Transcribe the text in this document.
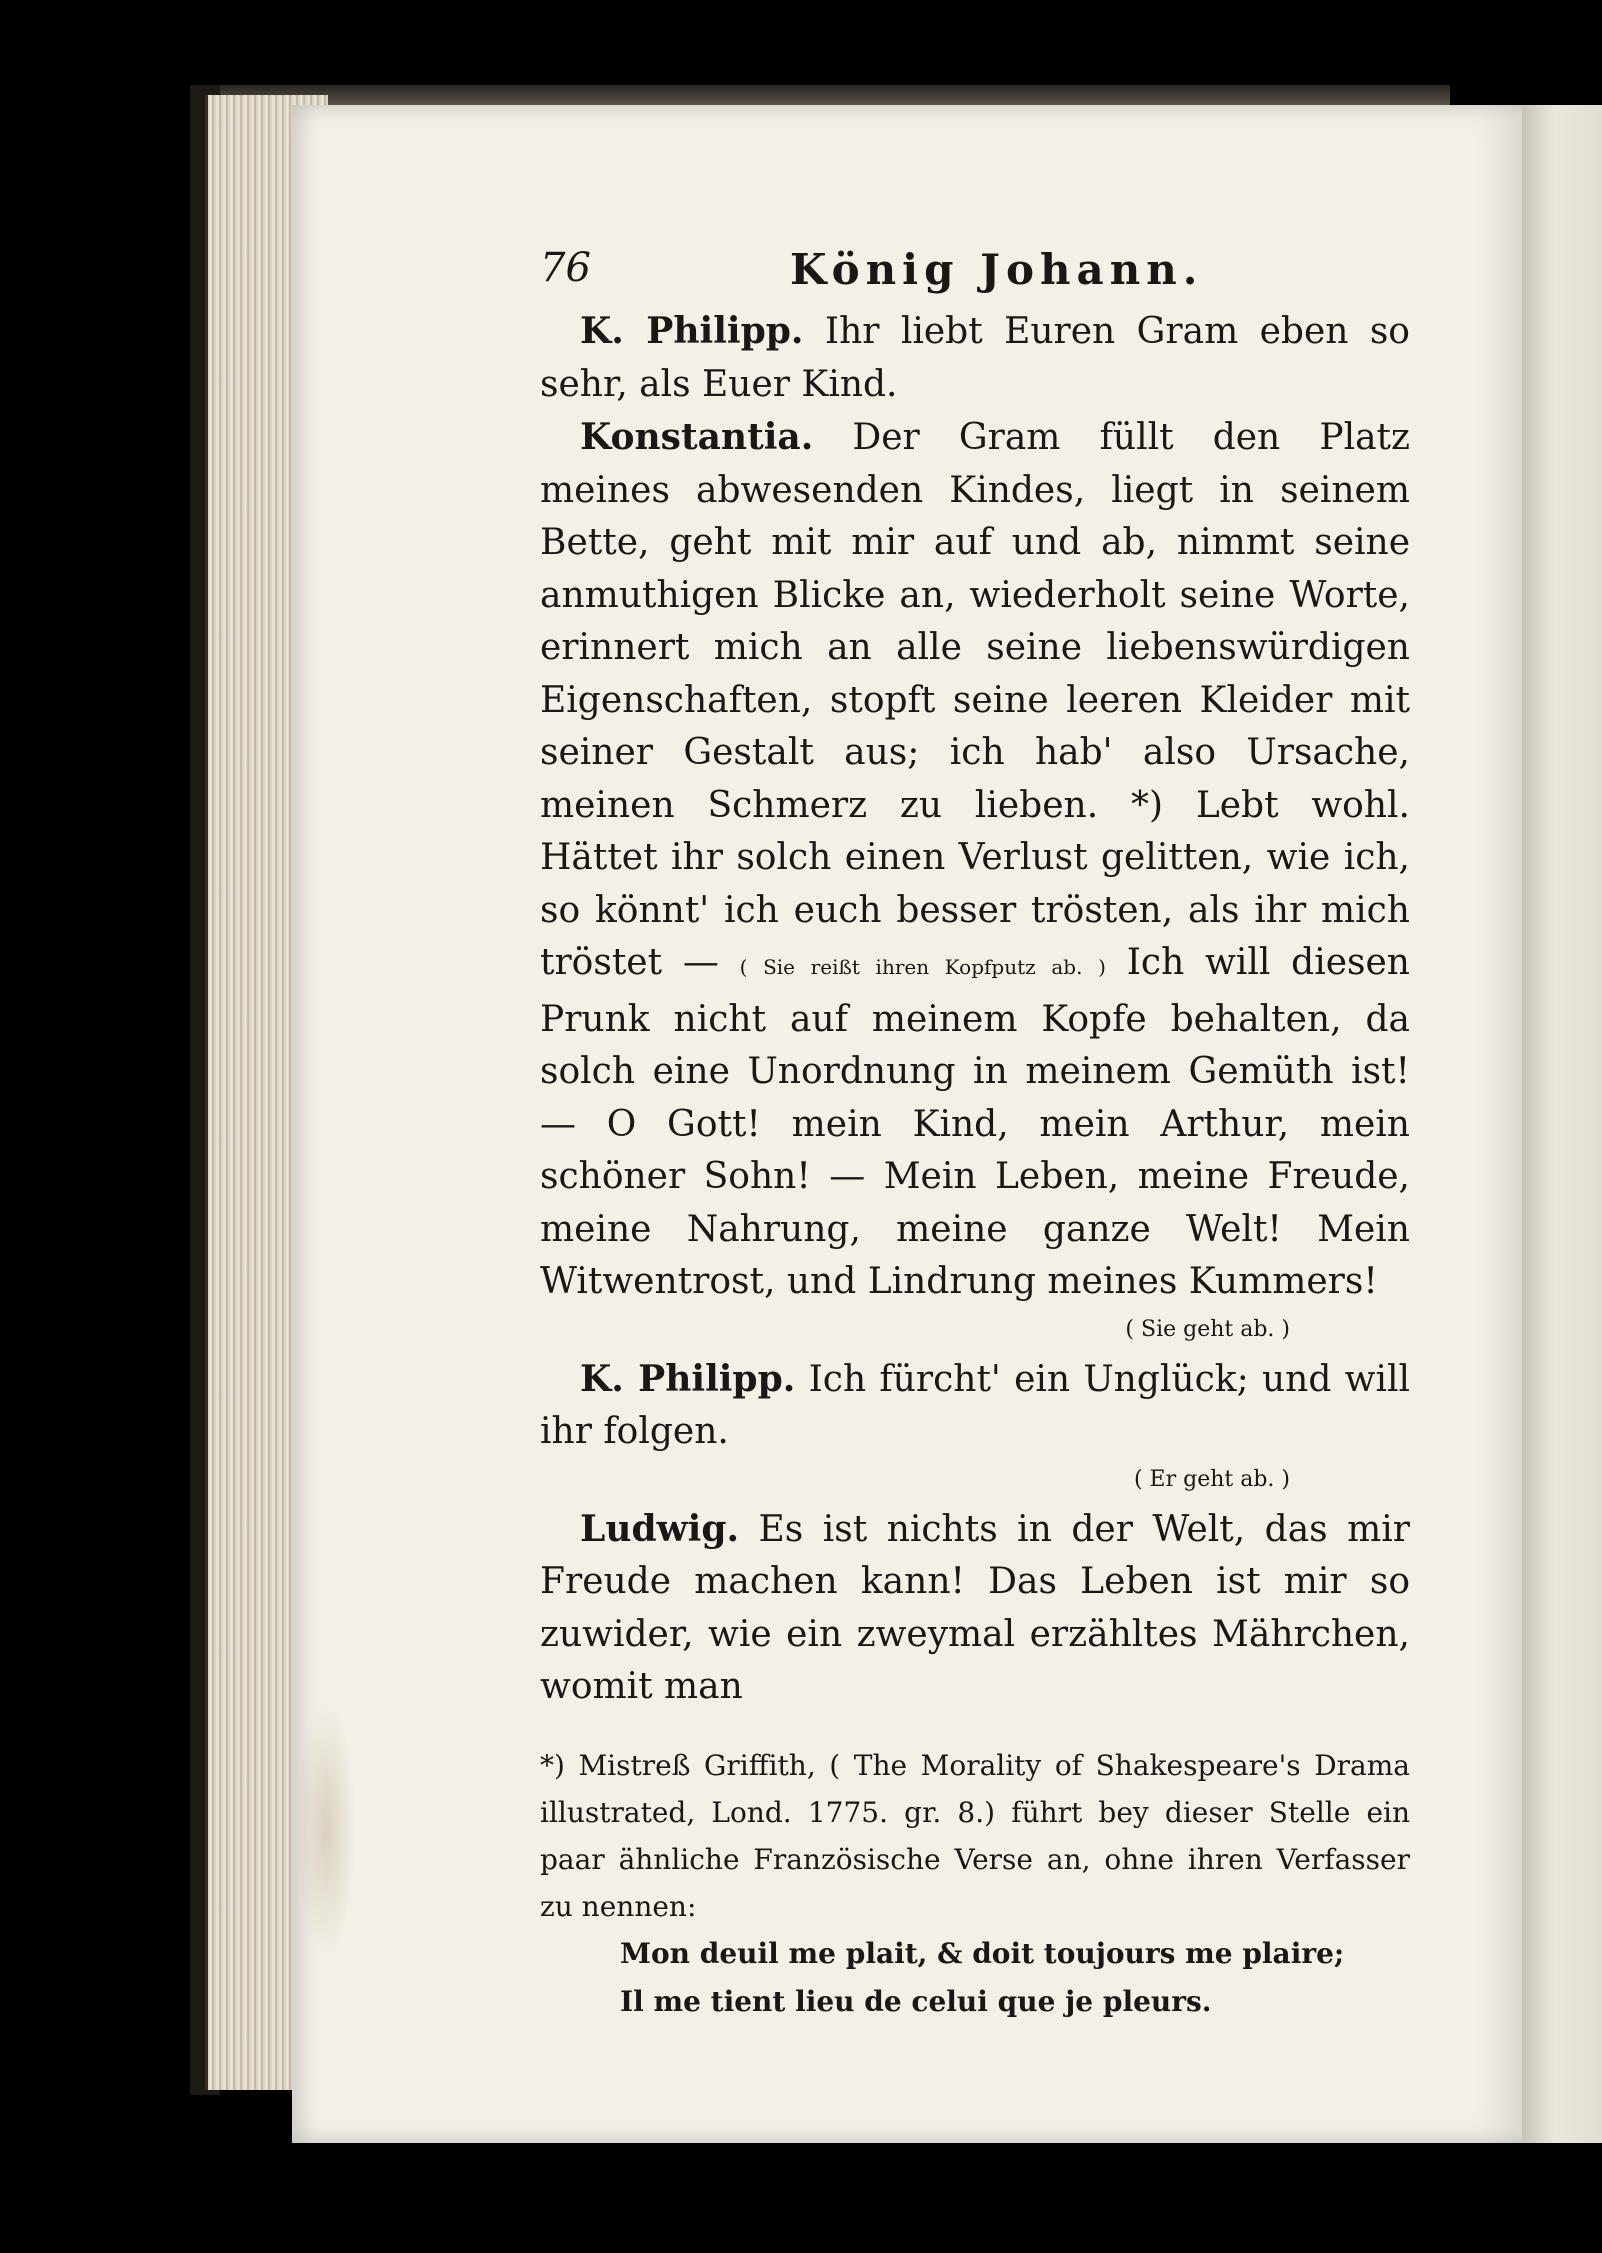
76	König Johann.

K. Philipp. Ihr liebt Euren Gram eben so sehr, als Euer Kind.

Konstantia. Der Gram füllt den Platz meines abwesenden Kindes, liegt in seinem Bette, geht mit mir auf und ab, nimmt seine anmuthigen Blicke an, wiederholt seine Worte, erinnert mich an alle seine liebenswürdigen Eigenschaften, stopft seine leeren Kleider mit seiner Gestalt aus; ich hab' also Ursache, meinen Schmerz zu lieben. *) Lebt wohl. Hättet ihr solch einen Verlust gelitten, wie ich, so könnt' ich euch besser trösten, als ihr mich tröstet — ( Sie reißt ihren Kopfputz ab. ) Ich will diesen Prunk nicht auf meinem Kopfe behalten, da solch eine Unordnung in meinem Gemüth ist! — O Gott! mein Kind, mein Arthur, mein schöner Sohn! — Mein Leben, meine Freude, meine Nahrung, meine ganze Welt! Mein Witwentrost, und Lindrung meines Kummers!

( Sie geht ab. )

K. Philipp. Ich fürcht' ein Unglück; und will ihr folgen.

( Er geht ab. )

Ludwig. Es ist nichts in der Welt, das mir Freude machen kann! Das Leben ist mir so zuwider, wie ein zweymal erzähltes Mährchen, womit man

*) Mistreß Griffith, ( The Morality of Shakespeare's Drama illustrated, Lond. 1775. gr. 8.) führt bey dieser Stelle ein paar ähnliche Französische Verse an, ohne ihren Verfasser zu nennen:
Mon deuil me plait, & doit toujours me plaire;
Il me tient lieu de celui que je pleurs.
